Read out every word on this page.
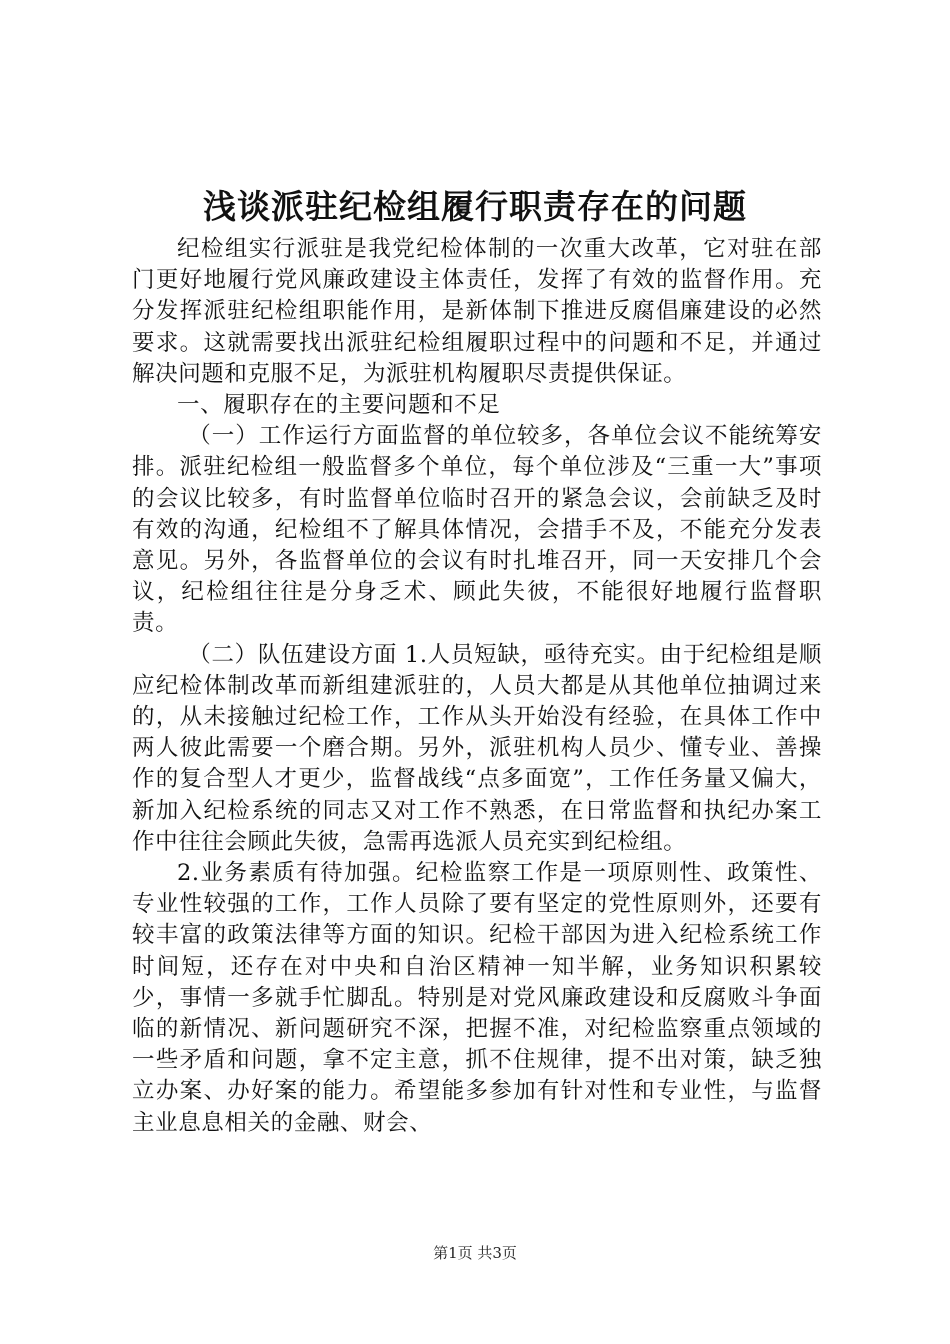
浅谈派驻纪检组履行职责存在的问题

纪检组实行派驻是我党纪检体制的一次重大改革，它对驻在部门更好地履行党风廉政建设主体责任，发挥了有效的监督作用。充分发挥派驻纪检组职能作用，是新体制下推进反腐倡廉建设的必然要求。这就需要找出派驻纪检组履职过程中的问题和不足，并通过解决问题和克服不足，为派驻机构履职尽责提供保证。

一、履职存在的主要问题和不足

（一）工作运行方面监督的单位较多，各单位会议不能统筹安排。派驻纪检组一般监督多个单位，每个单位涉及“三重一大”事项的会议比较多，有时监督单位临时召开的紧急会议，会前缺乏及时有效的沟通，纪检组不了解具体情况，会措手不及，不能充分发表意见。另外，各监督单位的会议有时扎堆召开，同一天安排几个会议，纪检组往往是分身乏术、顾此失彼，不能很好地履行监督职责。

（二）队伍建设方面 1.人员短缺，亟待充实。由于纪检组是顺应纪检体制改革而新组建派驻的，人员大都是从其他单位抽调过来的，从未接触过纪检工作，工作从头开始没有经验，在具体工作中两人彼此需要一个磨合期。另外，派驻机构人员少、懂专业、善操作的复合型人才更少，监督战线“点多面宽”，工作任务量又偏大，新加入纪检系统的同志又对工作不熟悉，在日常监督和执纪办案工作中往往会顾此失彼，急需再选派人员充实到纪检组。

2.业务素质有待加强。纪检监察工作是一项原则性、政策性、专业性较强的工作，工作人员除了要有坚定的党性原则外，还要有较丰富的政策法律等方面的知识。纪检干部因为进入纪检系统工作时间短，还存在对中央和自治区精神一知半解，业务知识积累较少，事情一多就手忙脚乱。特别是对党风廉政建设和反腐败斗争面临的新情况、新问题研究不深，把握不准，对纪检监察重点领域的一些矛盾和问题，拿不定主意，抓不住规律，提不出对策，缺乏独立办案、办好案的能力。希望能多参加有针对性和专业性，与监督主业息息相关的金融、财会、

第1页 共3页
